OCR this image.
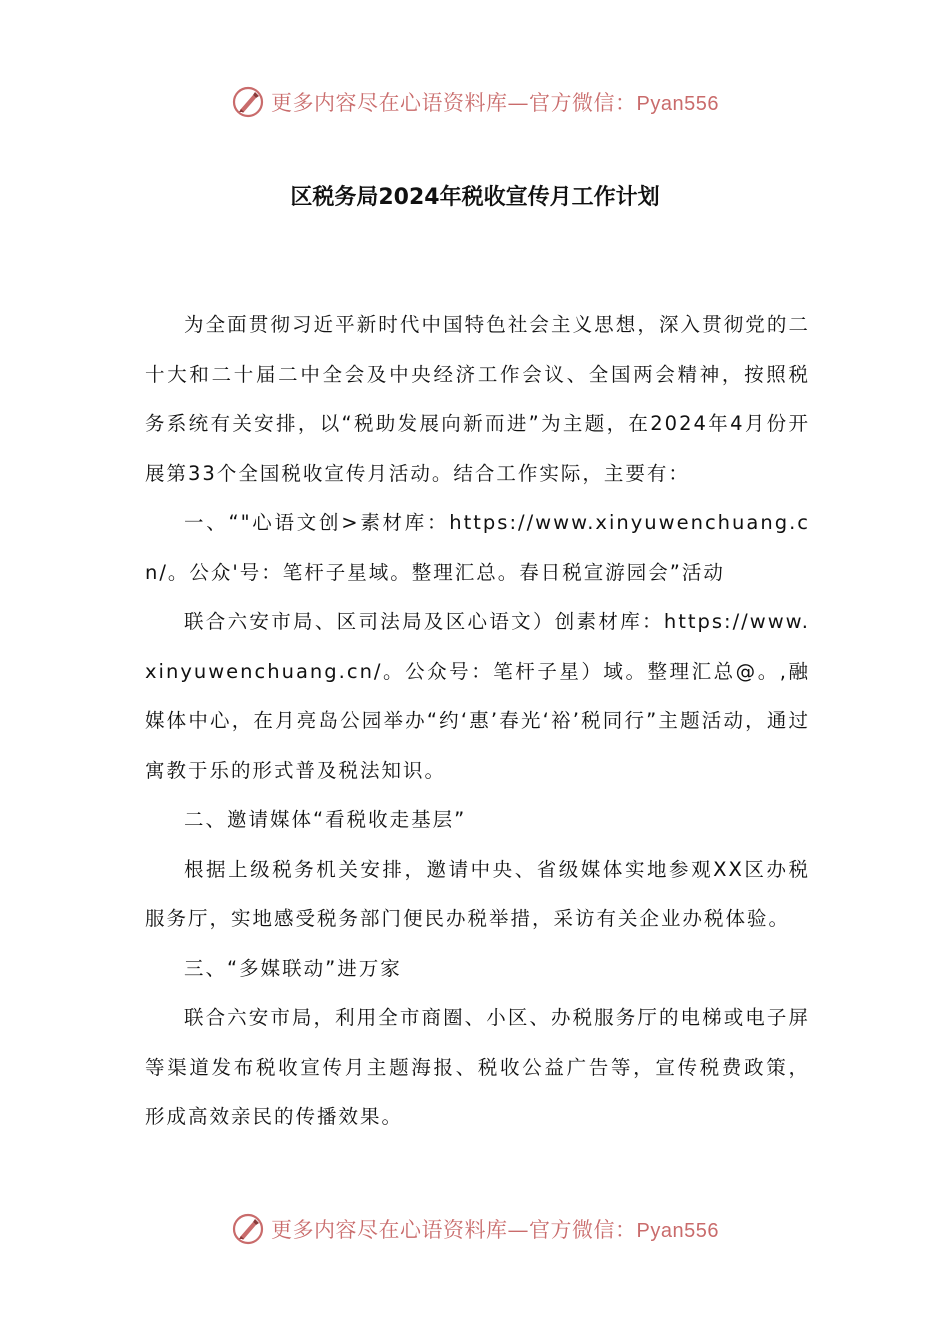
更多内容尽在心语资料库—官方微信：Pyan556
区税务局2024年税收宣传月工作计划

为全面贯彻习近平新时代中国特色社会主义思想，深入贯彻党的二十大和二十届二中全会及中央经济工作会议、全国两会精神，按照税务系统有关安排，以“税助发展向新而进”为主题，在2024年4月份开展第33个全国税收宣传月活动。结合工作实际，主要有：

一、“"心语文创>素材库：https://www.xinyuwenchuang.cn/。公众'号：笔杆子星域。整理汇总。春日税宣游园会”活动

联合六安市局、区司法局及区心语文）创素材库：https://www.xinyuwenchuang.cn/。公众号：笔杆子星）域。整理汇总@。,融媒体中心，在月亮岛公园举办“约‘惠’春光‘裕’税同行”主题活动，通过寓教于乐的形式普及税法知识。

二、邀请媒体“看税收走基层”

根据上级税务机关安排，邀请中央、省级媒体实地参观XX区办税服务厅，实地感受税务部门便民办税举措，采访有关企业办税体验。

三、“多媒联动”进万家

联合六安市局，利用全市商圈、小区、办税服务厅的电梯或电子屏等渠道发布税收宣传月主题海报、税收公益广告等，宣传税费政策，形成高效亲民的传播效果。

更多内容尽在心语资料库—官方微信：Pyan556
